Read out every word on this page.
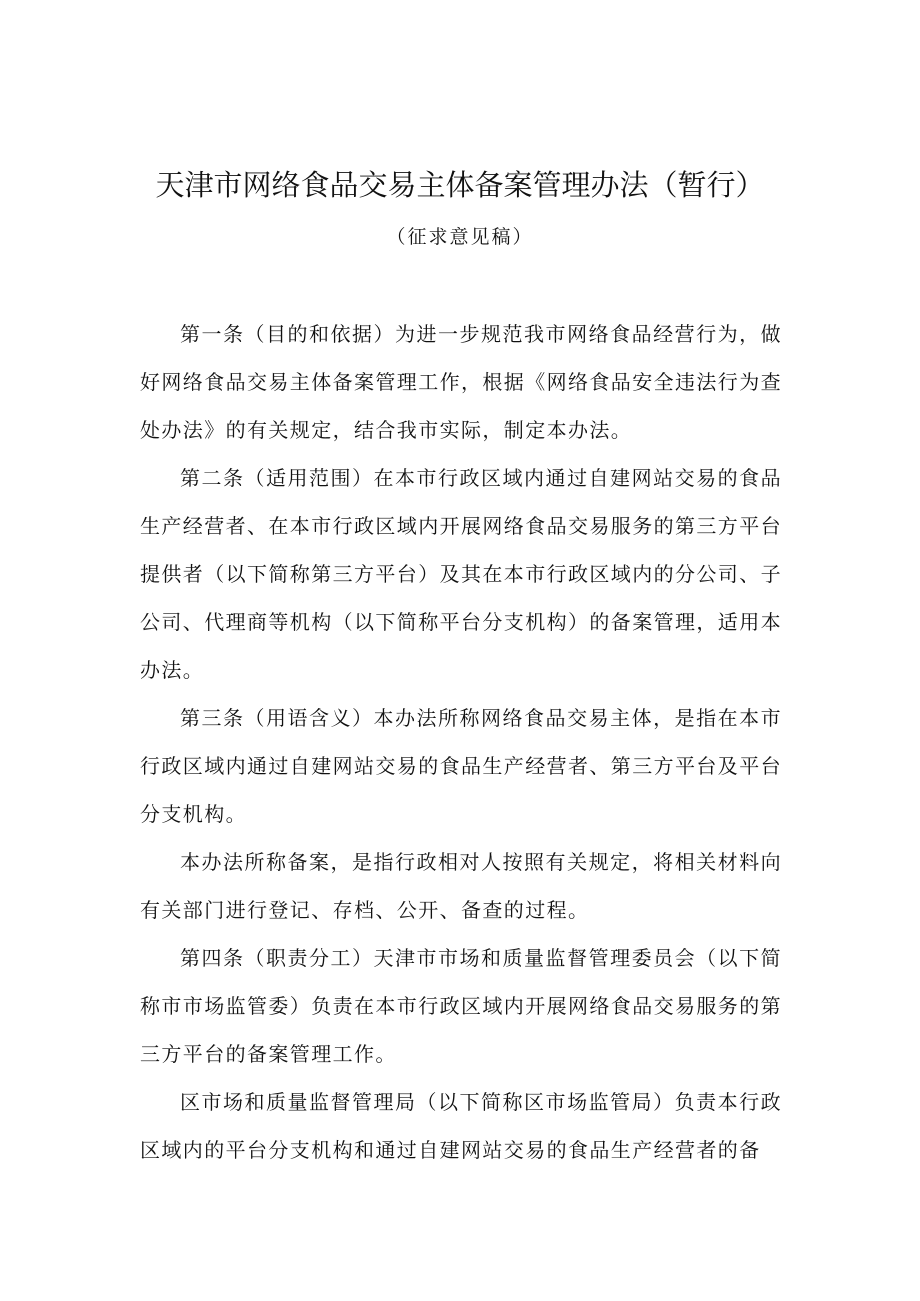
天津市网络食品交易主体备案管理办法（暂行）
（征求意见稿）

第一条（目的和依据）为进一步规范我市网络食品经营行为，做好网络食品交易主体备案管理工作，根据《网络食品安全违法行为查处办法》的有关规定，结合我市实际，制定本办法。

第二条（适用范围）在本市行政区域内通过自建网站交易的食品生产经营者、在本市行政区域内开展网络食品交易服务的第三方平台提供者（以下简称第三方平台）及其在本市行政区域内的分公司、子公司、代理商等机构（以下简称平台分支机构）的备案管理，适用本办法。

第三条（用语含义）本办法所称网络食品交易主体，是指在本市行政区域内通过自建网站交易的食品生产经营者、第三方平台及平台分支机构。

本办法所称备案，是指行政相对人按照有关规定，将相关材料向有关部门进行登记、存档、公开、备查的过程。

第四条（职责分工）天津市市场和质量监督管理委员会（以下简称市市场监管委）负责在本市行政区域内开展网络食品交易服务的第三方平台的备案管理工作。

区市场和质量监督管理局（以下简称区市场监管局）负责本行政区域内的平台分支机构和通过自建网站交易的食品生产经营者的备
